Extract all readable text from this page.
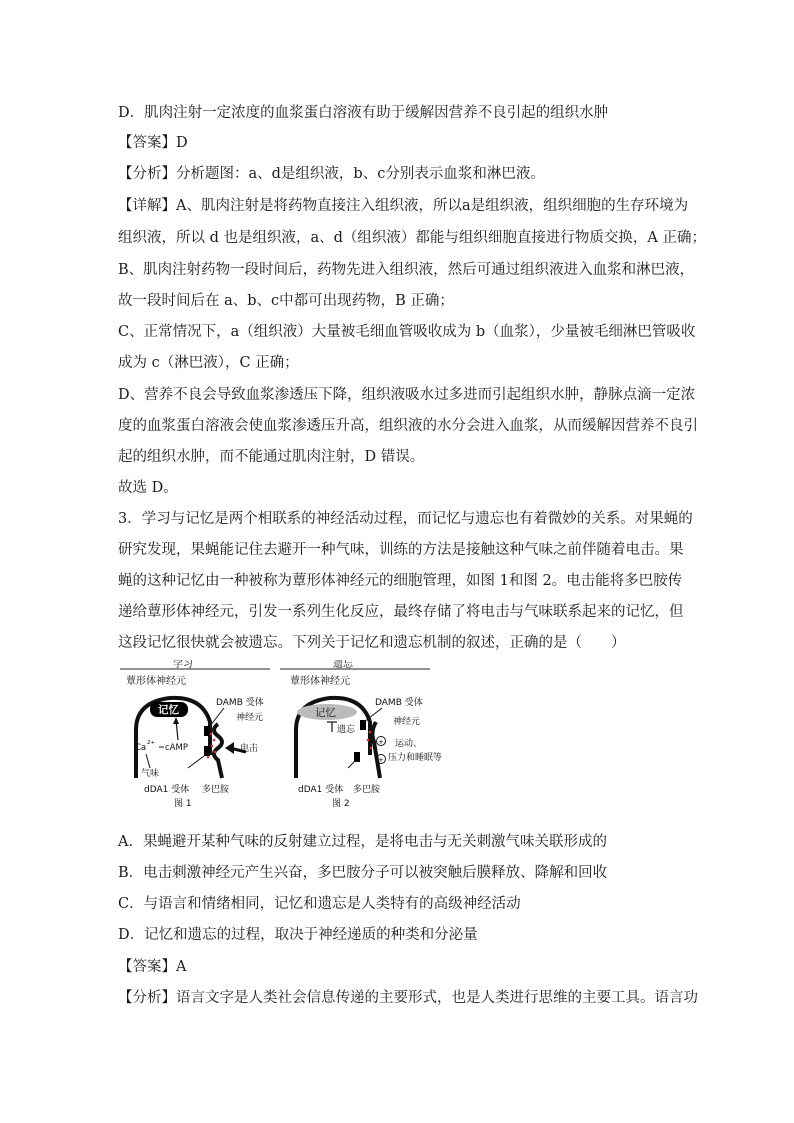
D．肌肉注射一定浓度的血浆蛋白溶液有助于缓解因营养不良引起的组织水肿
【答案】D
【分析】分析题图：a、d是组织液，b、c分别表示血浆和淋巴液。
【详解】A、肌肉注射是将药物直接注入组织液，所以a是组织液，组织细胞的生存环境为
组织液，所以 d 也是组织液，a、d（组织液）都能与组织细胞直接进行物质交换，A 正确；
B、肌肉注射药物一段时间后，药物先进入组织液，然后可通过组织液进入血浆和淋巴液，
故一段时间后在 a、b、c中都可出现药物，B 正确；
C、正常情况下，a（组织液）大量被毛细血管吸收成为 b（血浆），少量被毛细淋巴管吸收
成为 c（淋巴液），C 正确；
D、营养不良会导致血浆渗透压下降，组织液吸水过多进而引起组织水肿，静脉点滴一定浓
度的血浆蛋白溶液会使血浆渗透压升高，组织液的水分会进入血浆，从而缓解因营养不良引
起的组织水肿，而不能通过肌肉注射，D 错误。
故选 D。
3．学习与记忆是两个相联系的神经活动过程，而记忆与遗忘也有着微妙的关系。对果蝇的
研究发现，果蝇能记住去避开一种气味，训练的方法是接触这种气味之前伴随着电击。果
蝇的这种记忆由一种被称为蕈形体神经元的细胞管理，如图 1和图 2。电击能将多巴胺传
递给蕈形体神经元，引发一系列生化反应，最终存储了将电击与气味联系起来的记忆，但
这段记忆很快就会被遗忘。下列关于记忆和遗忘机制的叙述，正确的是（　　）
学习
蕈形体神经元
记忆
Ca 2+ cAMP
气味
DAMB 受体
神经元
电击
dDA1 受体 多巴胺
图 1
遗忘
蕈形体神经元
记忆
遗忘
+
+
DAMB 受体
神经元
运动、
压力和睡眠等
dDA1 受体 多巴胺
图 2
A．果蝇避开某种气味的反射建立过程，是将电击与无关刺激气味关联形成的
B．电击刺激神经元产生兴奋，多巴胺分子可以被突触后膜释放、降解和回收
C．与语言和情绪相同，记忆和遗忘是人类特有的高级神经活动
D．记忆和遗忘的过程，取决于神经递质的种类和分泌量
【答案】A
【分析】语言文字是人类社会信息传递的主要形式，也是人类进行思维的主要工具。语言功
